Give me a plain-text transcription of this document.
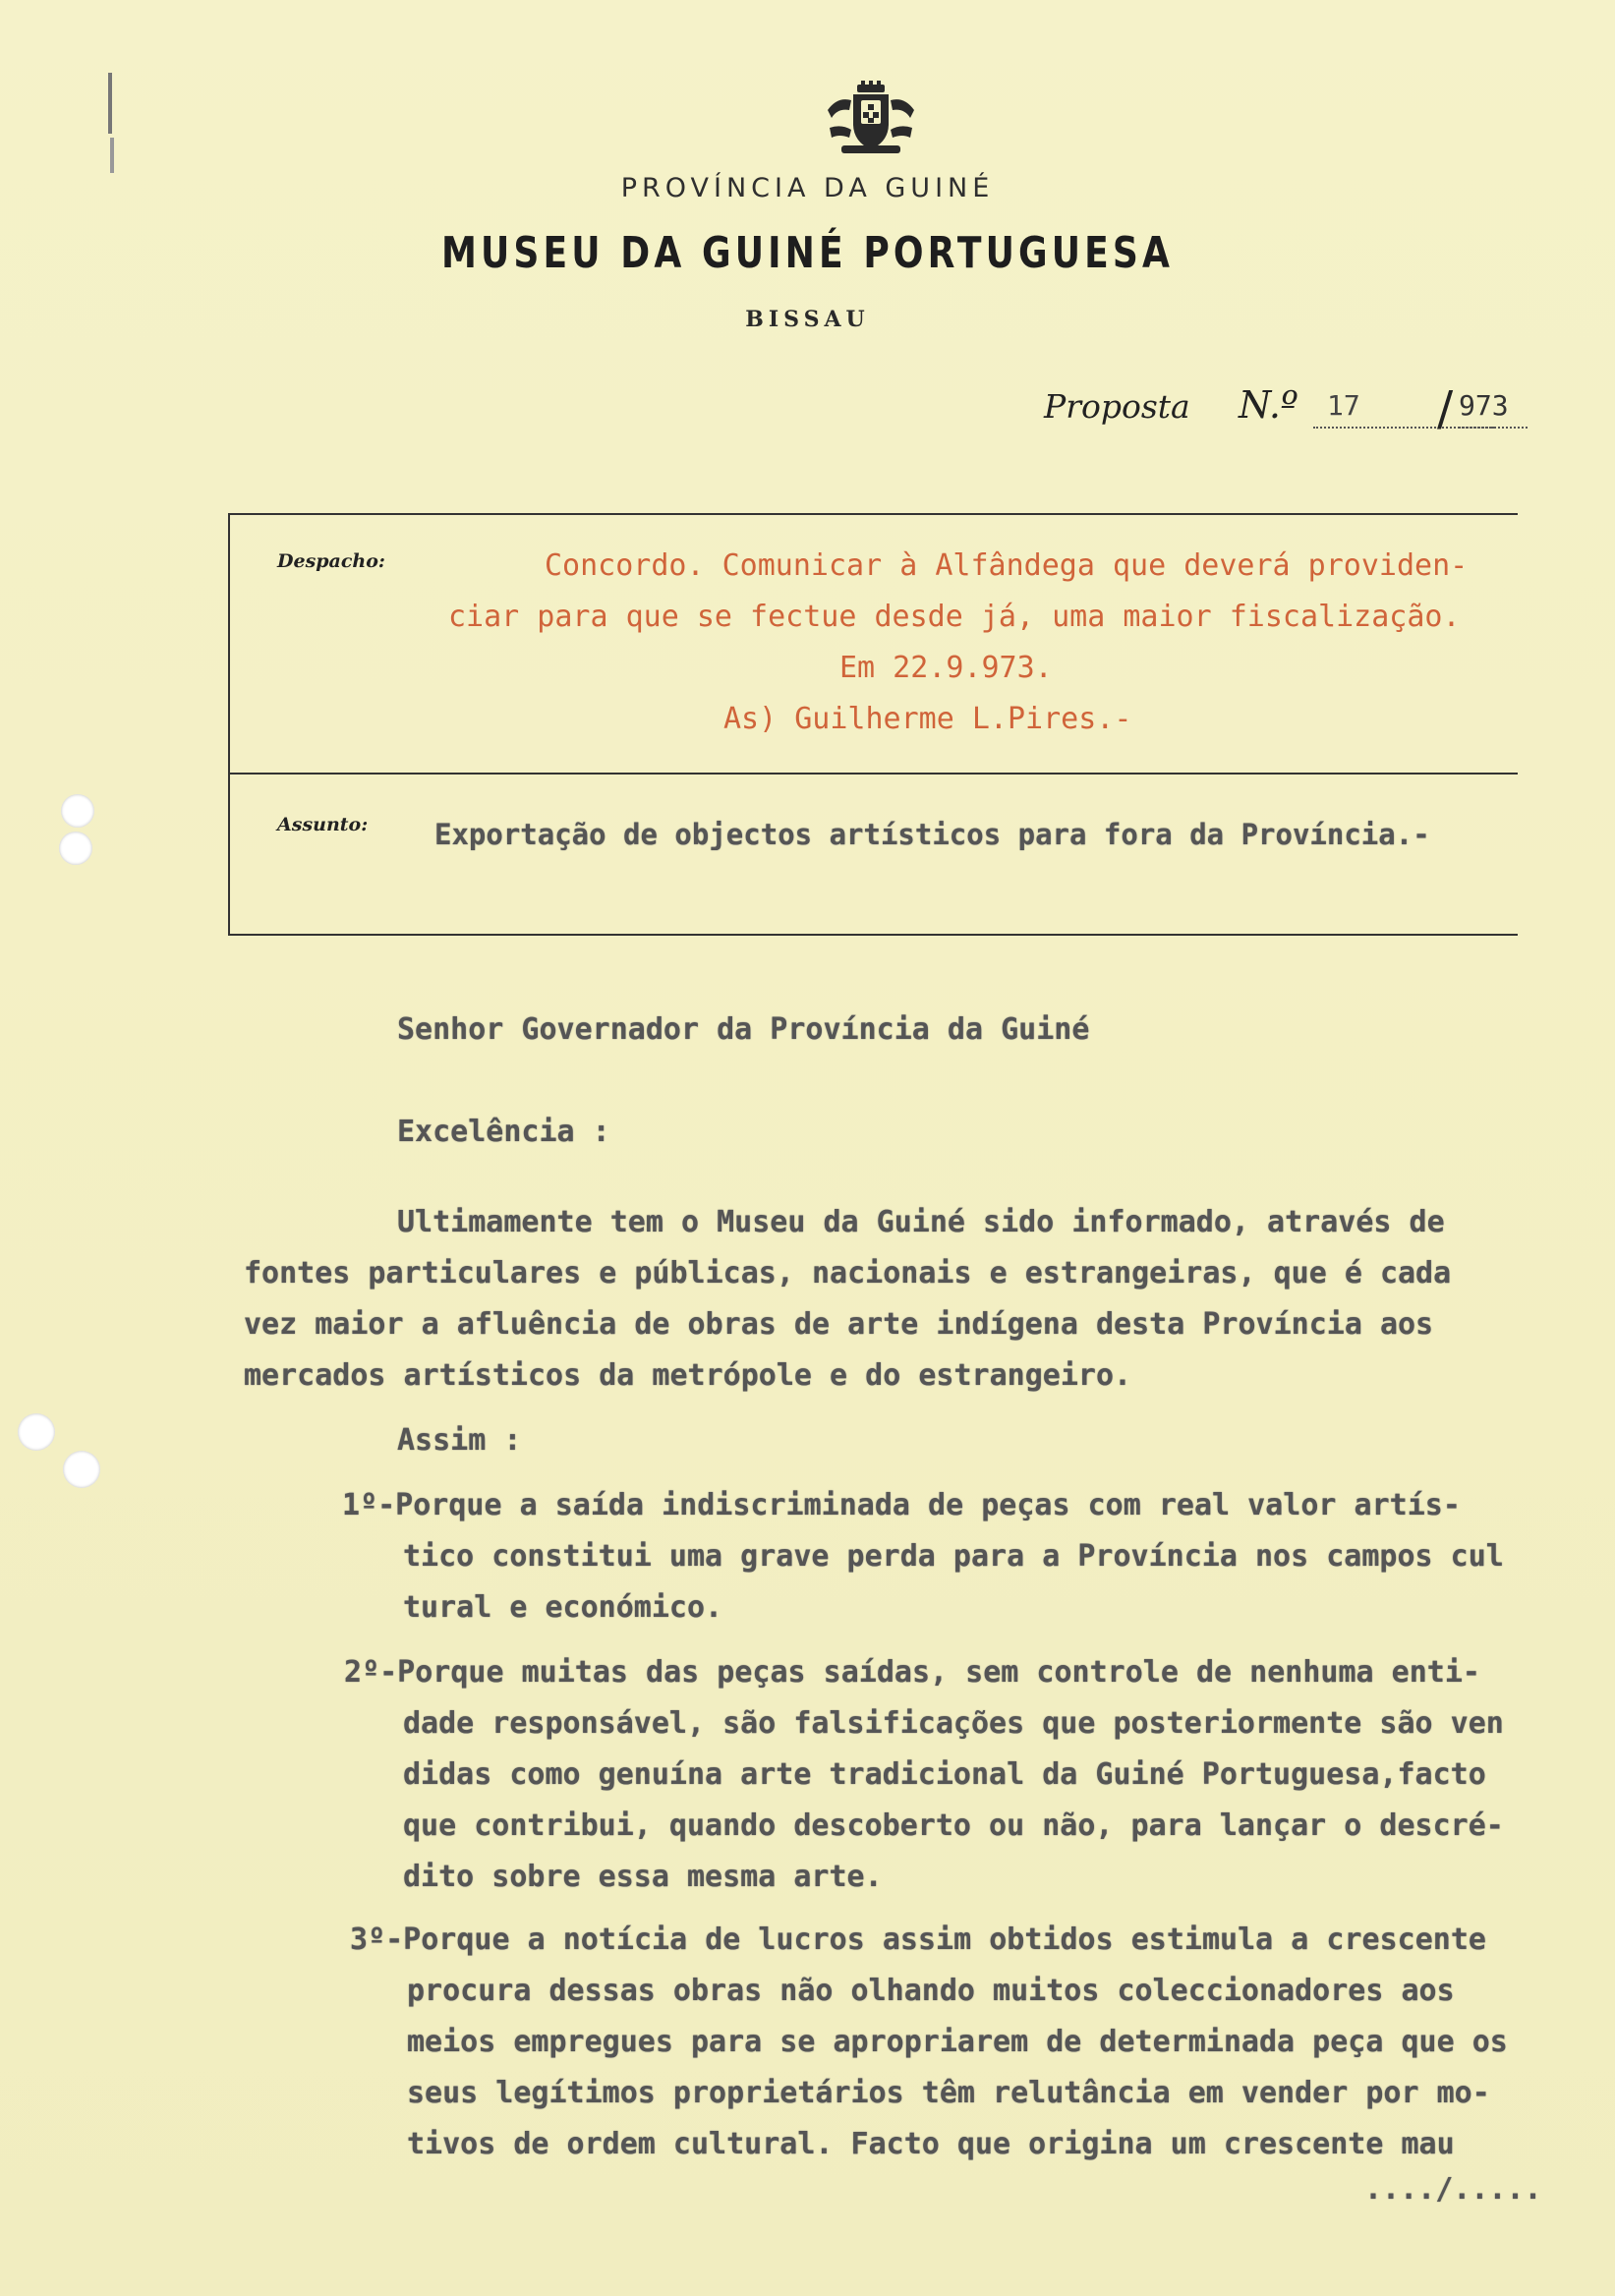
PROVÍNCIA DA GUINÉ
MUSEU DA GUINÉ PORTUGUESA
BISSAU
Proposta N.º	17	/ 973
Despacho:	Concordo. Comunicar à Alfândega que deverá providen-
ciar para que se fectue desde já, uma maior fiscalização.
Em 22.9.973.
As) Guilherme L.Pires.-
Assunto: Exportação de objectos artísticos para fora da Província.-
Senhor Governador da Província da Guiné
Excelência :
Ultimamente tem o Museu da Guiné sido informado, através de
fontes particulares e públicas, nacionais e estrangeiras, que é cada
vez maior a afluência de obras de arte indígena desta Província aos
mercados artísticos da metrópole e do estrangeiro.
Assim :
1º-Porque a saída indiscriminada de peças com real valor artís-
tico constitui uma grave perda para a Província nos campos cul
tural e económico.
2º-Porque muitas das peças saídas, sem controle de nenhuma enti-
dade responsável, são falsificações que posteriormente são ven
didas como genuína arte tradicional da Guiné Portuguesa,facto
que contribui, quando descoberto ou não, para lançar o descré-
dito sobre essa mesma arte.
3º-Porque a notícia de lucros assim obtidos estimula a crescente
procura dessas obras não olhando muitos coleccionadores aos
meios empregues para se apropriarem de determinada peça que os
seus legítimos proprietários têm relutância em vender por mo-
tivos de ordem cultural. Facto que origina um crescente mau
..../.....
